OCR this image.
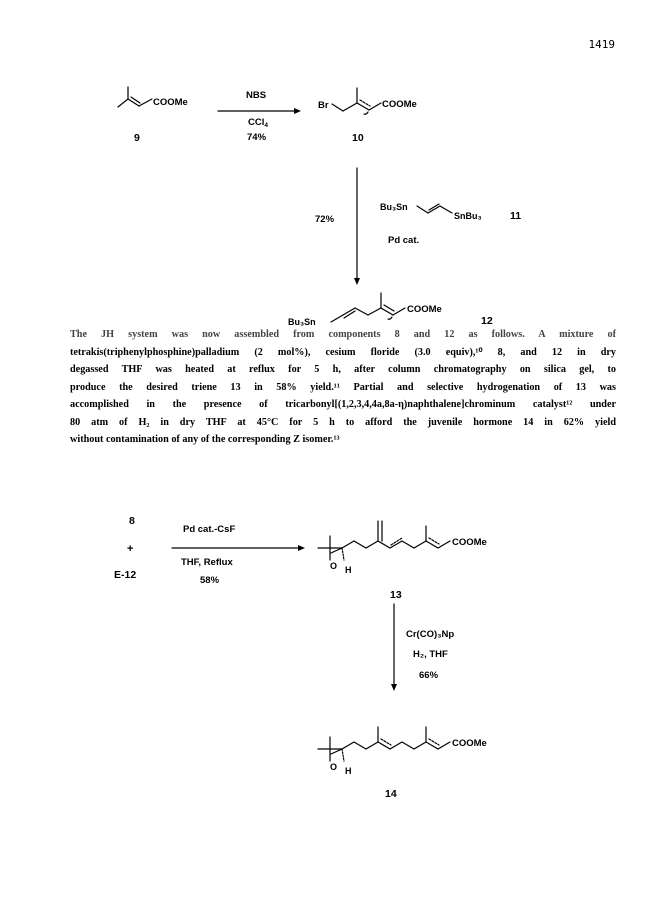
1419
COOMe
9
NBS
CCl$_4$
74%
Br	COOMe
10
72%
Bu₃Sn
SnBu₃	11
Pd cat.
Bu₃Sn
COOMe
12
8
+
E-12
Pd cat.-CsF
THF, Reflux
58%
COOMe
O H
13
Cr(CO)₃Np
H₂, THF
66%
COOMe
O H
14
The JH system was now assembled from components 8 and 12 as follows. A mixture of
tetrakis(triphenylphosphine)palladium (2 mol%), cesium floride (3.0 equiv),¹⁰ 8, and 12 in dry
degassed THF was heated at reflux for 5 h, after column chromatography on silica gel, to
produce the desired triene 13 in 58% yield.¹¹ Partial and selective hydrogenation of 13 was
accomplished in the presence of tricarbonyl[(1,2,3,4,4a,8a-η)naphthalene]chrominum catalyst¹² under
80 atm of H₂ in dry THF at 45°C for 5 h to afford the juvenile hormone 14 in 62% yield
without contamination of any of the corresponding Z isomer.¹³
